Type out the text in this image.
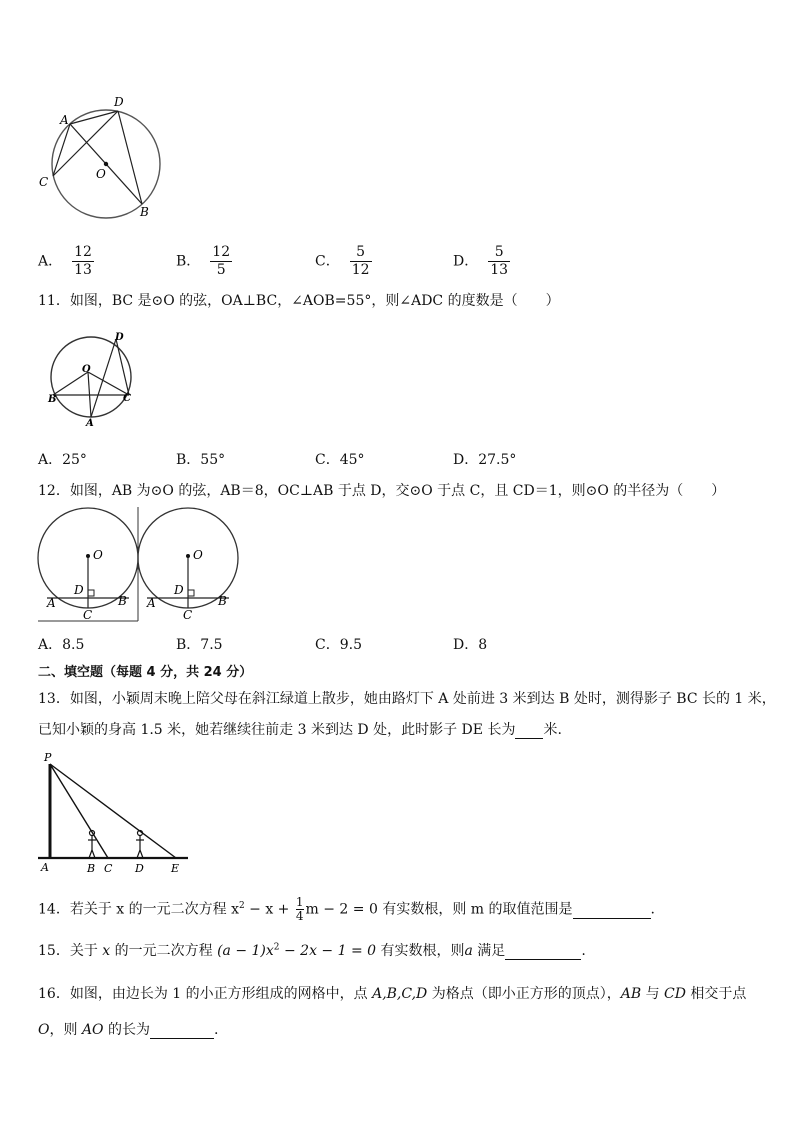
A
D
C
O
B
A． $\frac{12}{13}$	B． $\frac{12}{5}$	C． $\frac{5}{12}$	D． $\frac{5}{13}$
11．如图，BC 是⊙O 的弦，OA⊥BC，∠AOB=55°，则∠ADC 的度数是（　　）
O
D
B	C
A
A．25°	B．55°	C．45°	D．27.5°
12．如图，AB 为⊙O 的弦，AB＝8，OC⊥AB 于点 D，交⊙O 于点 C，且 CD＝1，则⊙O 的半径为（　　）
O
D
A	B
C
O
D
A	B
C
A．8.5	B．7.5	C．9.5	D．8
二、填空题（每题 4 分，共 24 分）
13．如图，小颖周末晚上陪父母在斜江绿道上散步，她由路灯下 A 处前进 3 米到达 B 处时，测得影子 BC 长的 1 米，
已知小颖的身高 1.5 米，她若继续往前走 3 米到达 D 处，此时影子 DE 长为 米.
P
A	B C D E
14．若关于 x 的一元二次方程 $x^2 - x + \frac{1}{4}$ m − 2 = 0 有实数根，则 m 的取值范围是	.
15．关于 x 的一元二次方程 $(a - 1)x^2 - 2x - 1 = 0$ 有实数根，则a 满足	.
16．如图，由边长为 1 的小正方形组成的网格中，点 A,B,C,D 为格点（即小正方形的顶点），AB 与 CD 相交于点
O，则 AO 的长为	.
